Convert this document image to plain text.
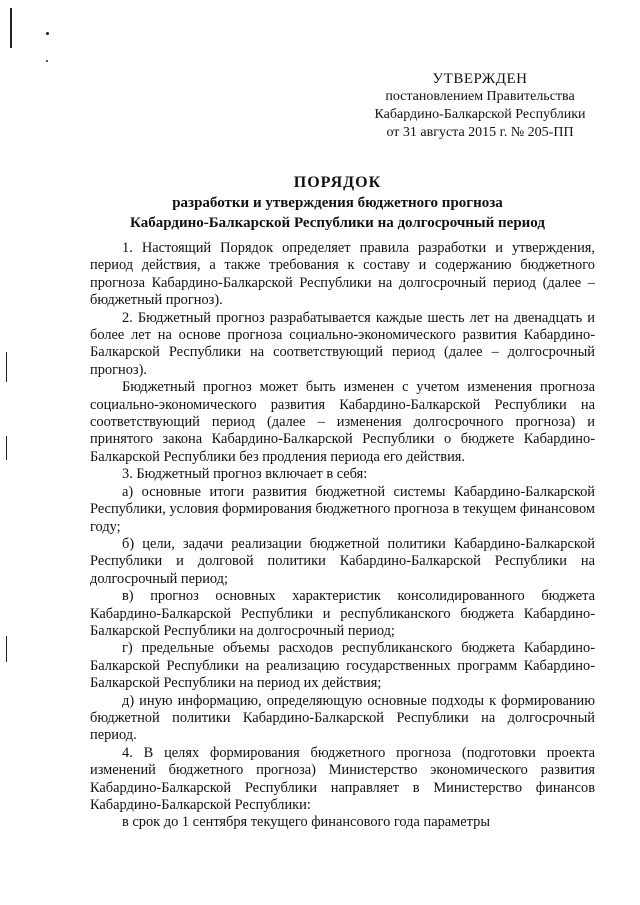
УТВЕРЖДЕН
постановлением Правительства
Кабардино-Балкарской Республики
от 31 августа 2015 г. № 205-ПП
ПОРЯДОК
разработки и утверждения бюджетного прогноза
Кабардино-Балкарской Республики на долгосрочный период

1. Настоящий Порядок определяет правила разработки и утверждения, период действия, а также требования к составу и содержанию бюджетного прогноза Кабардино-Балкарской Республики на долгосрочный период (далее – бюджетный прогноз).

2. Бюджетный прогноз разрабатывается каждые шесть лет на двенадцать и более лет на основе прогноза социально-экономического развития Кабардино-Балкарской Республики на соответствующий период (далее – долгосрочный прогноз).

Бюджетный прогноз может быть изменен с учетом изменения прогноза социально-экономического развития Кабардино-Балкарской Республики на соответствующий период (далее – изменения долгосрочного прогноза) и принятого закона Кабардино-Балкарской Республики о бюджете Кабардино-Балкарской Республики без продления периода его действия.

3. Бюджетный прогноз включает в себя:

а) основные итоги развития бюджетной системы Кабардино-Балкарской Республики, условия формирования бюджетного прогноза в текущем финансовом году;

б) цели, задачи реализации бюджетной политики Кабардино-Балкарской Республики и долговой политики Кабардино-Балкарской Республики на долгосрочный период;

в) прогноз основных характеристик консолидированного бюджета Кабардино-Балкарской Республики и республиканского бюджета Кабардино-Балкарской Республики на долгосрочный период;

г) предельные объемы расходов республиканского бюджета Кабардино-Балкарской Республики на реализацию государственных программ Кабардино-Балкарской Республики на период их действия;

д) иную информацию, определяющую основные подходы к формированию бюджетной политики Кабардино-Балкарской Республики на долгосрочный период.

4. В целях формирования бюджетного прогноза (подготовки проекта изменений бюджетного прогноза) Министерство экономического развития Кабардино-Балкарской Республики направляет в Министерство финансов Кабардино-Балкарской Республики:

в срок до 1 сентября текущего финансового года параметры
